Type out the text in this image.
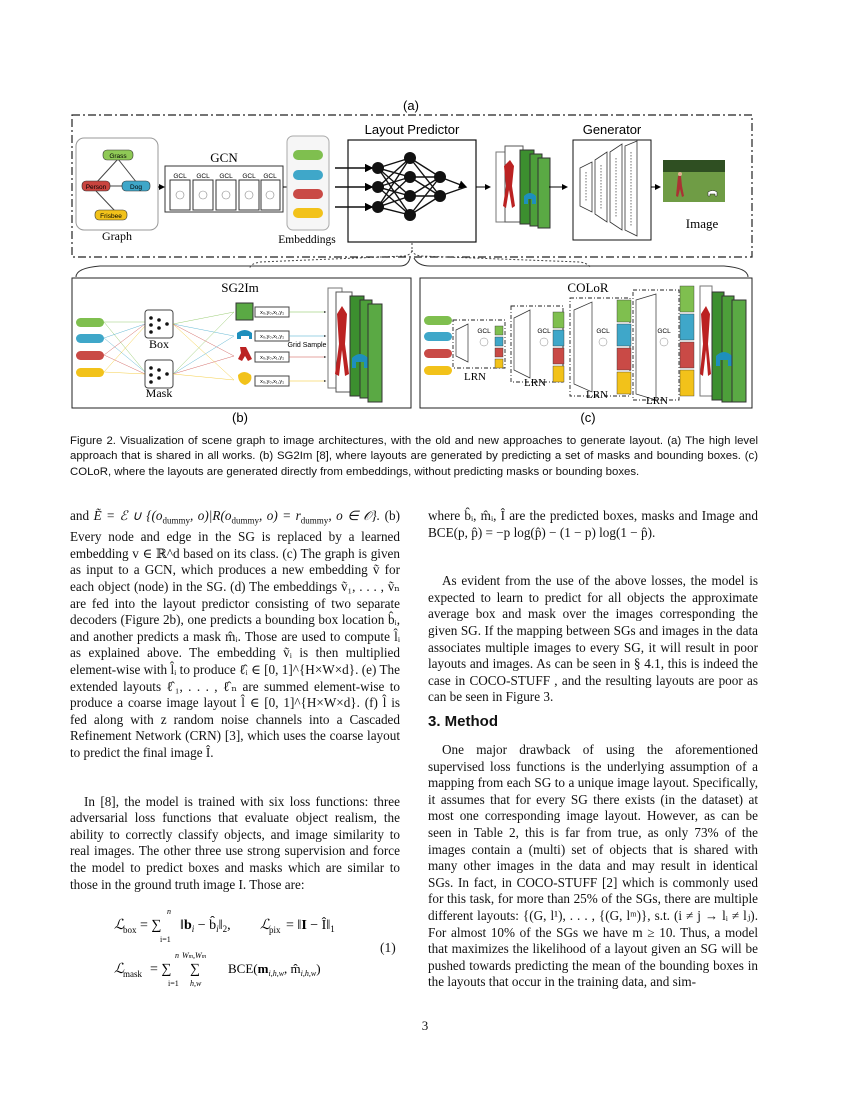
(a)
Grass
Person	Dog
Frisbee
Graph
GCN
GCL GCL GCL GCL GCL
Embeddings
Layout Predictor	Generator
Image
SG2Im
Box
Mask
x₀,y₀,x₁,y₁
x₀,y₀,x₁,y₁
x₀,y₀,x₁,y₁
x₀,y₀,x₁,y₁
Grid Sample
(b)
COLoR
GCL	GCL	GCL	GCL
LRN	LRN
LRN	LRN
(c)
Figure 2. Visualization of scene graph to image architectures, with the old and new approaches to generate layout. (a) The high level approach that is shared in all works. (b) SG2Im [8], where layouts are generated by predicting a set of masks and bounding boxes. (c) COLoR, where the layouts are generated directly from embeddings, without predicting masks or bounding boxes.

and Ẽ = ℰ ∪ {($o_{dummy}$, $o)|R(o_{dummy}$, $o) = r_{dummy}$, o ∈ 𝒪}. (b) Every node and edge in the SG is replaced by a learned embedding v ∈ ℝ^d based on its class. (c) The graph is given as input to a GCN, which produces a new embedding ṽ for each object (node) in the SG. (d) The embeddings ṽ₁, . . . , ṽₙ are fed into the layout predictor consisting of two separate decoders (Figure 2b), one predicts a bounding box location b̂ᵢ, and another predicts a mask m̂ᵢ. Those are used to compute l̂ᵢ as explained above. The embedding ṽᵢ is then multiplied element-wise with l̂ᵢ to produce ℓ̂ᵢ ∈ [0, 1]^{H×W×d}. (e) The extended layouts ℓ̂₁, . . . , ℓ̂ₙ are summed element-wise to produce a coarse image layout l̂ ∈ [0, 1]^{H×W×d}. (f) l̂ is fed along with z random noise channels into a Cascaded Refinement Network (CRN) [3], which uses the coarse layout to predict the final image Î.

In [8], the model is trained with six loss functions: three adversarial loss functions that evaluate object realism, the ability to correctly classify objects, and image similarity to real images. The other three use strong supervision and force the model to predict boxes and masks which are similar to those in the ground truth image I. Those are:

ℒ
box = ∑
n
i=1
$‖b_i$ − $b̂_i‖_2$, ℒ
pix = ‖I − $Î‖_1$
ℒ
mask = ∑
n
i=1
∑
Wm,Wm
h,w
$BCE(m_{i,h,w}$, $m̂_{i,h,w}$)
(1)

where b̂ᵢ, m̂ᵢ, Î are the predicted boxes, masks and Image and BCE(p, p̂) = −p log(p̂) − (1 − p) log(1 − p̂).

As evident from the use of the above losses, the model is expected to learn to predict for all objects the approximate average box and mask over the images corresponding the given SG. If the mapping between SGs and images in the data associates multiple images to every SG, it will result in poor layouts and images. As can be seen in § 4.1, this is indeed the case in COCO-STUFF , and the resulting layouts are poor as can be seen in Figure 3.

3. Method

One major drawback of using the aforementioned supervised loss functions is the underlying assumption of a mapping from each SG to a unique image layout. Specifically, it assumes that for every SG there exists (in the dataset) at most one corresponding image layout. However, as can be seen in Table 2, this is far from true, as only 73% of the images contain a (multi) set of objects that is shared with many other images in the data and may result in identical SGs. In fact, in COCO-STUFF [2] which is commonly used for this task, for more than 25% of the SGs, there are multiple different layouts: {(G, l¹), . . . , {(G, lᵐ)}, s.t. (i ≠ j → lᵢ ≠ lⱼ). For almost 10% of the SGs we have m ≥ 10. Thus, a model that maximizes the likelihood of a layout given an SG will be pushed towards predicting the mean of the bounding boxes in the layouts that occur in the training data, and sim-

3
